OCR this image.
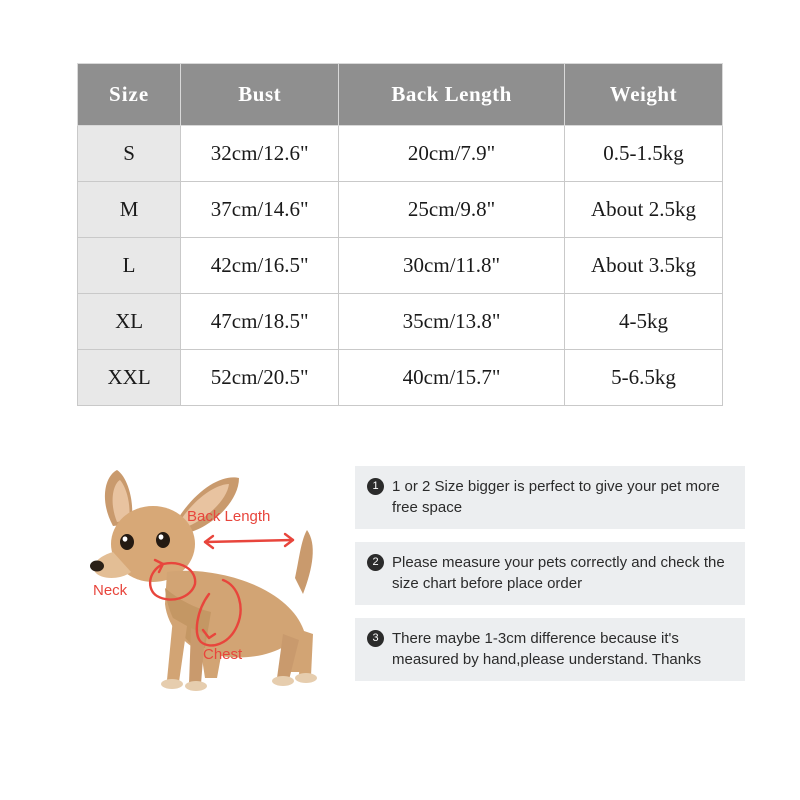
Size	Bust	Back Length	Weight
S	32cm/12.6"	20cm/7.9"	0.5-1.5kg
M	37cm/14.6"	25cm/9.8"	About 2.5kg
L	42cm/16.5"	30cm/11.8"	About 3.5kg
XL	47cm/18.5"	35cm/13.8"	4-5kg
XXL	52cm/20.5"	40cm/15.7"	5-6.5kg
Back Length
Neck
Chest
1 1 or 2 Size bigger is perfect to give your pet more free space
2 Please measure your pets correctly and check the size chart before place order
3 There maybe 1-3cm difference because it's measured by hand,please understand. Thanks
